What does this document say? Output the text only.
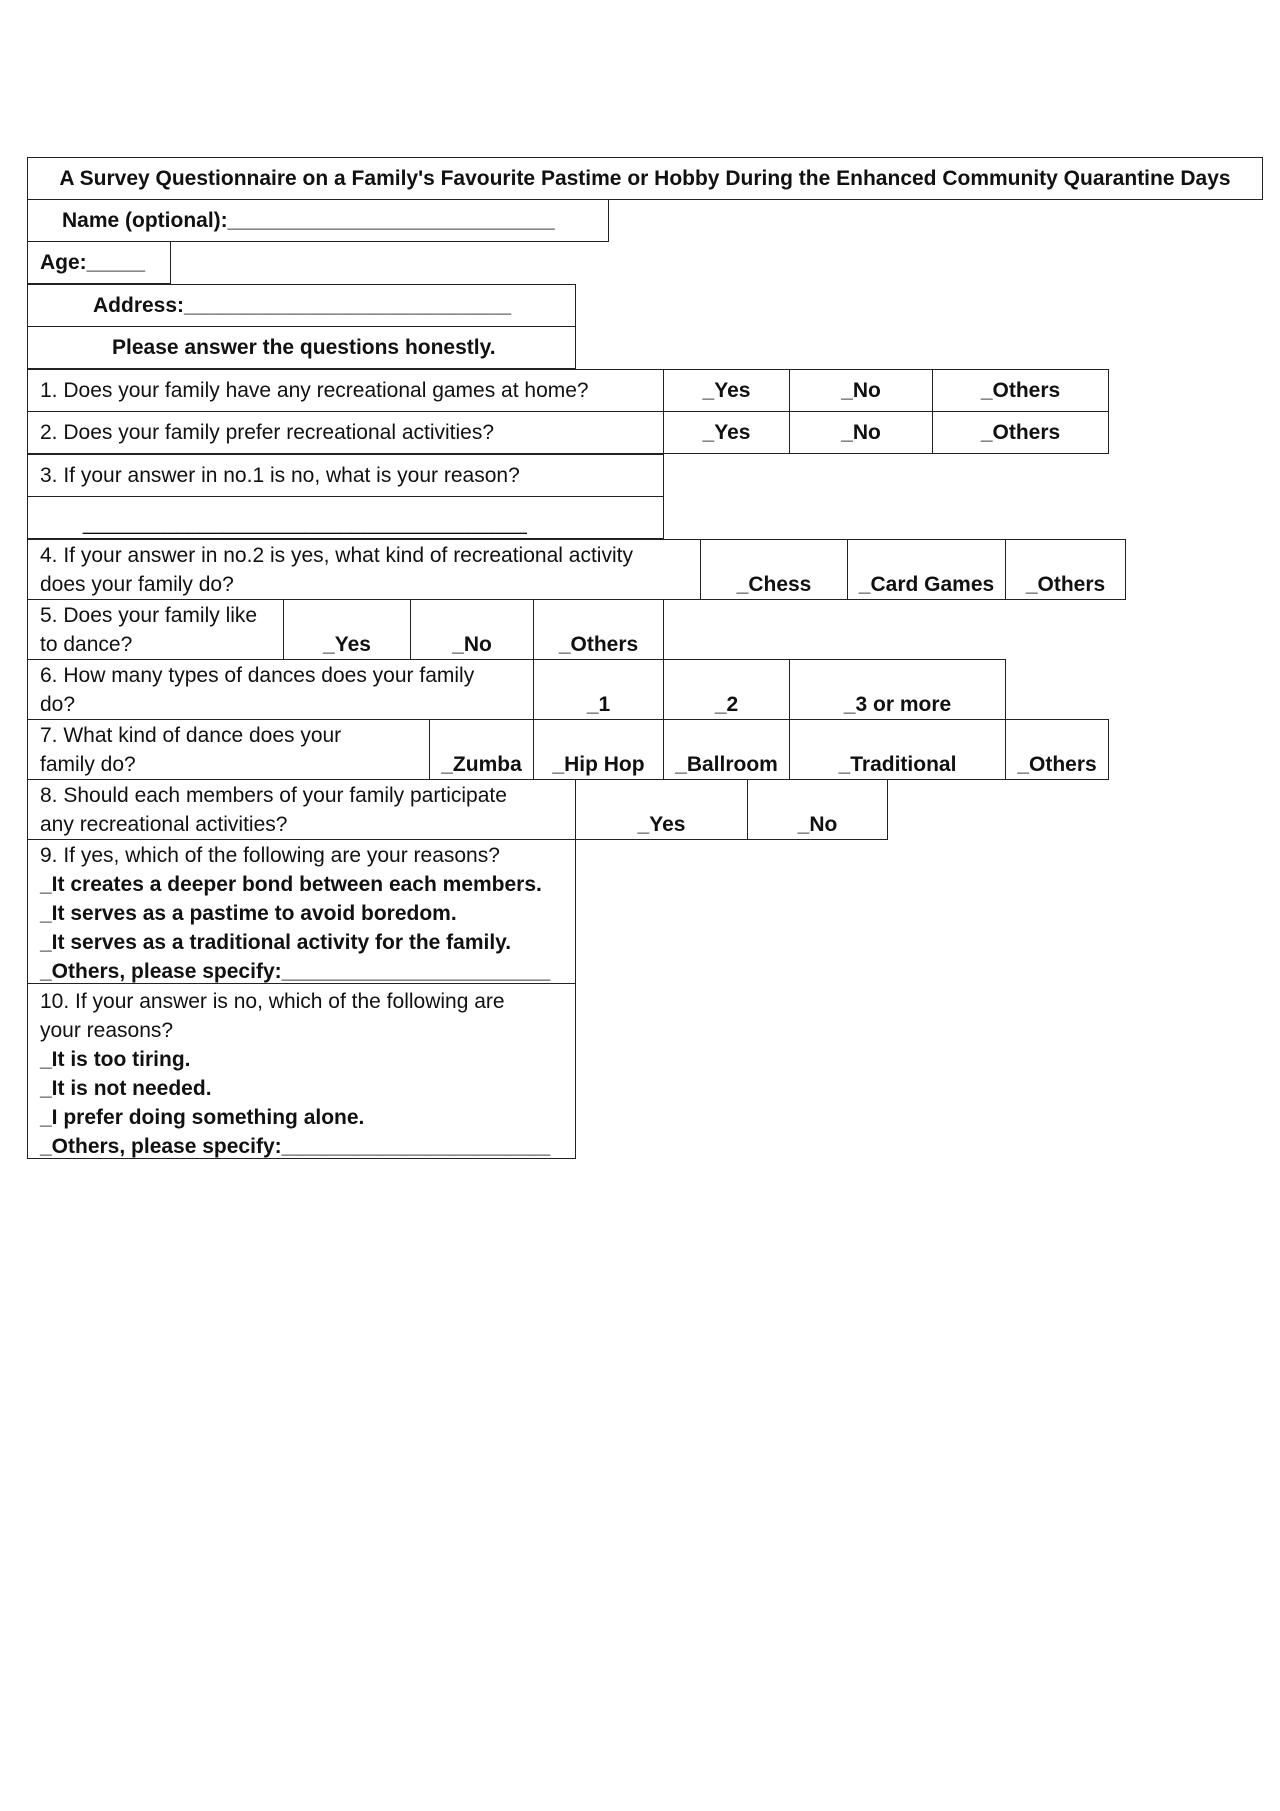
A Survey Questionnaire on a Family's Favourite Pastime or Hobby During the Enhanced Community Quarantine Days
Name (optional):____________________________
Age:_____
Address:____________________________
Please answer the questions honestly.
1. Does your family have any recreational games at home?	_Yes	_No	_Others
2. Does your family prefer recreational activities?	_Yes	_No	_Others
3. If your answer in no.1 is no, what is your reason?
______________________________________
4. If your answer in no.2 is yes, what kind of recreational activity
does your family do?	_Chess	_Card Games	_Others
5. Does your family like
to dance?	_Yes	_No	_Others
6. How many types of dances does your family
do?	_1	_2	_3 or more
7. What kind of dance does your
family do?	_Zumba	_Hip Hop	_Ballroom	_Traditional	_Others
8. Should each members of your family participate
any recreational activities?	_Yes	_No
9. If yes, which of the following are your reasons?
_It creates a deeper bond between each members.
_It serves as a pastime to avoid boredom.
_It serves as a traditional activity for the family.
_Others, please specify:_______________________
10. If your answer is no, which of the following are
your reasons?
_It is too tiring.
_It is not needed.
_I prefer doing something alone.
_Others, please specify:_______________________
